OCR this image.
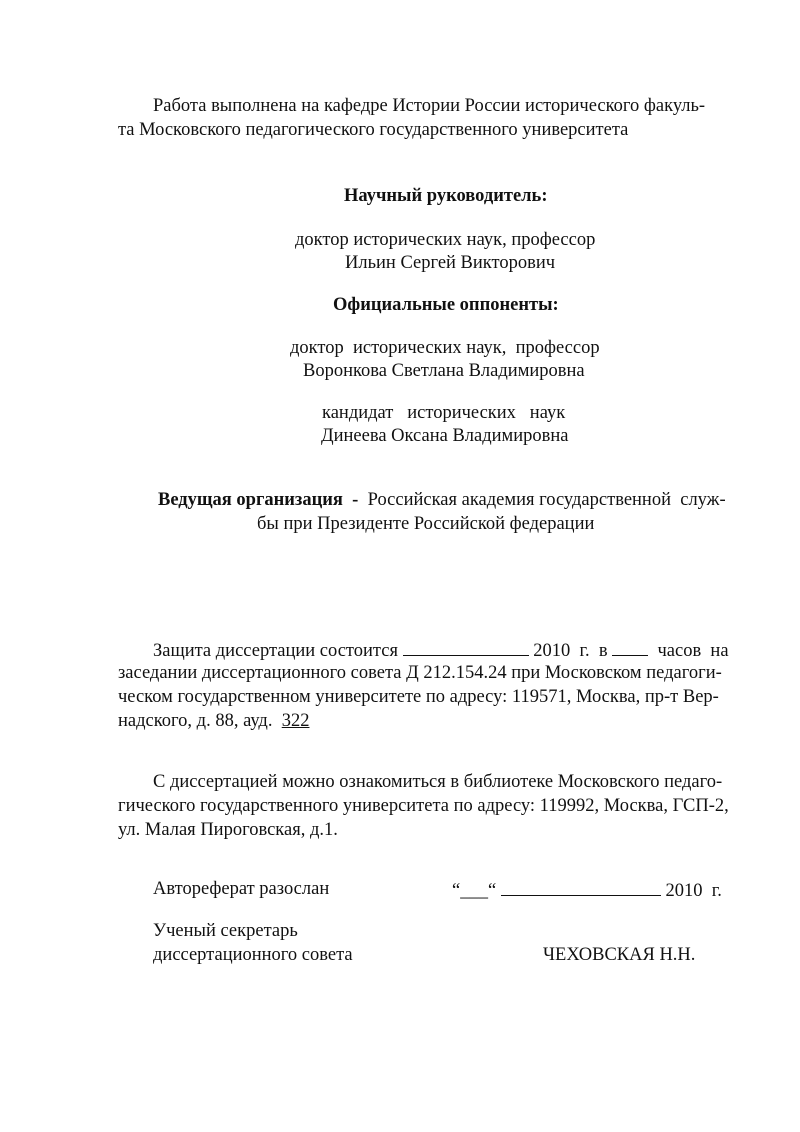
Работа выполнена на кафедре Истории России исторического факуль-
та Московского педагогического государственного университета
Научный руководитель:
доктор исторических наук, профессор
Ильин Сергей Викторович
Официальные оппоненты:
доктор  исторических наук,  профессор
Воронкова Светлана Владимировна
кандидат   исторических   наук
Динеева Оксана Владимировна
Ведущая организация  - Российская академия государственной  служ-
бы при Президенте Российской федерации
Защита диссертации состоится	2010  г.  в	часов  на
заседании диссертационного совета Д 212.154.24 при Московском педагоги-
ческом государственном университете по адресу: 119571, Москва, пр-т Вер-
надского, д. 88, ауд. 322
С диссертацией можно ознакомиться в библиотеке Московского педаго-
гического государственного университета по адресу: 119992, Москва, ГСП-2,
ул. Малая Пироговская, д.1.
Автореферат разослан	“___“	2010  г.
Ученый секретарь
диссертационного совета	ЧЕХОВСКАЯ Н.Н.
